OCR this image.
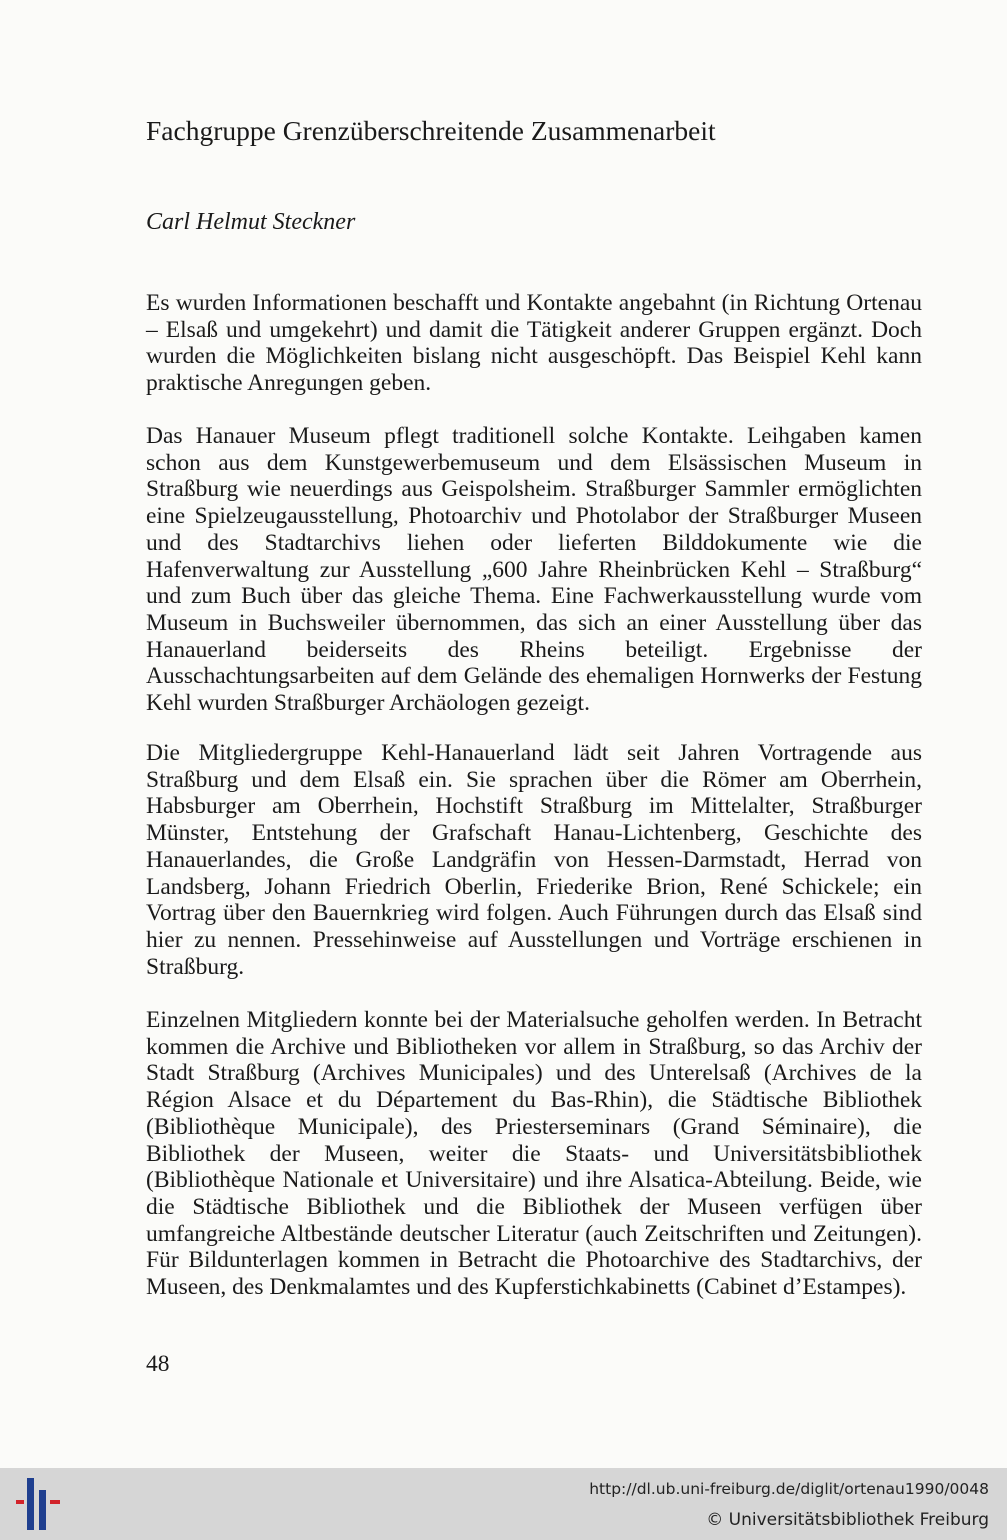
Fachgruppe Grenzüberschreitende Zusammenarbeit
Carl Helmut Steckner

Es wurden Informationen beschafft und Kontakte angebahnt (in Richtung Ortenau – Elsaß und umgekehrt) und damit die Tätigkeit anderer Gruppen ergänzt. Doch wurden die Möglichkeiten bislang nicht ausgeschöpft. Das Beispiel Kehl kann praktische Anregungen geben.

Das Hanauer Museum pflegt traditionell solche Kontakte. Leihgaben kamen schon aus dem Kunstgewerbemuseum und dem Elsässischen Museum in Straßburg wie neuerdings aus Geispolsheim. Straßburger Sammler ermöglichten eine Spielzeugausstellung, Photoarchiv und Photolabor der Straßburger Museen und des Stadtarchivs liehen oder lieferten Bilddokumente wie die Hafenverwaltung zur Ausstellung „600 Jahre Rheinbrücken Kehl – Straßburg“ und zum Buch über das gleiche Thema. Eine Fachwerkausstellung wurde vom Museum in Buchsweiler übernommen, das sich an einer Ausstellung über das Hanauerland beiderseits des Rheins beteiligt. Ergebnisse der Ausschachtungsarbeiten auf dem Gelände des ehemaligen Hornwerks der Festung Kehl wurden Straßburger Archäologen gezeigt.

Die Mitgliedergruppe Kehl-Hanauerland lädt seit Jahren Vortragende aus Straßburg und dem Elsaß ein. Sie sprachen über die Römer am Oberrhein, Habsburger am Oberrhein, Hochstift Straßburg im Mittelalter, Straßburger Münster, Entstehung der Grafschaft Hanau-Lichtenberg, Geschichte des Hanauerlandes, die Große Landgräfin von Hessen-Darmstadt, Herrad von Landsberg, Johann Friedrich Oberlin, Friederike Brion, René Schickele; ein Vortrag über den Bauernkrieg wird folgen. Auch Führungen durch das Elsaß sind hier zu nennen. Pressehinweise auf Ausstellungen und Vorträge erschienen in Straßburg.

Einzelnen Mitgliedern konnte bei der Materialsuche geholfen werden. In Betracht kommen die Archive und Bibliotheken vor allem in Straßburg, so das Archiv der Stadt Straßburg (Archives Municipales) und des Unterelsaß (Archives de la Région Alsace et du Département du Bas-Rhin), die Städtische Bibliothek (Bibliothèque Municipale), des Priesterseminars (Grand Séminaire), die Bibliothek der Museen, weiter die Staats- und Universitätsbibliothek (Bibliothèque Nationale et Universitaire) und ihre Alsatica-Abteilung. Beide, wie die Städtische Bibliothek und die Bibliothek der Museen verfügen über umfangreiche Altbestände deutscher Literatur (auch Zeitschriften und Zeitungen). Für Bildunterlagen kommen in Betracht die Photoarchive des Stadtarchivs, der Museen, des Denkmalamtes und des Kupferstichkabinetts (Cabinet d’Estampes).

48
http://dl.ub.uni-freiburg.de/diglit/ortenau1990/0048
© Universitätsbibliothek Freiburg
